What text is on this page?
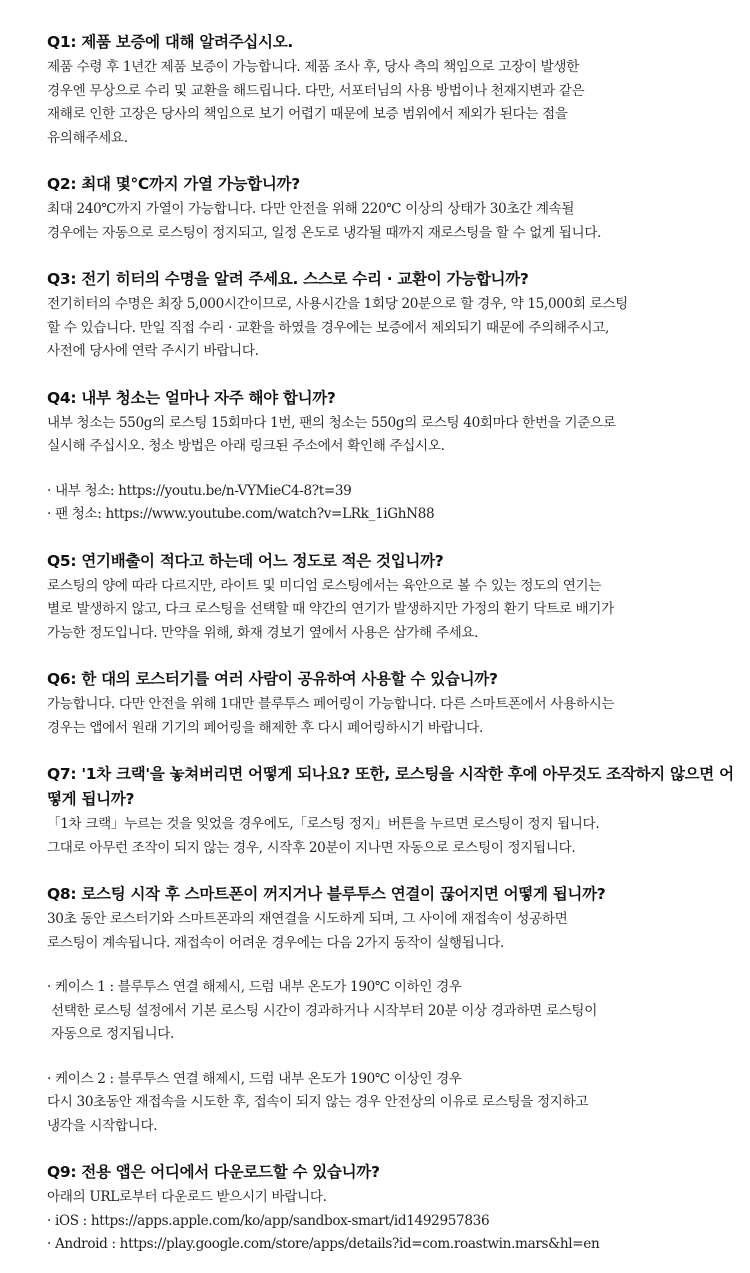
Q1: 제품 보증에 대해 알려주십시오.

제품 수령 후 1년간 제품 보증이 가능합니다. 제품 조사 후, 당사 측의 책임으로 고장이 발생한

경우엔 무상으로 수리 및 교환을 해드립니다. 다만, 서포터님의 사용 방법이나 천재지변과 같은

재해로 인한 고장은 당사의 책임으로 보기 어렵기 때문에 보증 범위에서 제외가 된다는 점을

유의해주세요.

Q2: 최대 몇℃까지 가열 가능합니까?

최대 240℃까지 가열이 가능합니다. 다만 안전을 위해 220℃ 이상의 상태가 30초간 계속될

경우에는 자동으로 로스팅이 정지되고, 일정 온도로 냉각될 때까지 재로스팅을 할 수 없게 됩니다.

Q3: 전기 히터의 수명을 알려 주세요. 스스로 수리 · 교환이 가능합니까?

전기히터의 수명은 최장 5,000시간이므로, 사용시간을 1회당 20분으로 할 경우, 약 15,000회 로스팅

할 수 있습니다. 만일 직접 수리 · 교환을 하였을 경우에는 보증에서 제외되기 때문에 주의해주시고,

사전에 당사에 연락 주시기 바랍니다.

Q4: 내부 청소는 얼마나 자주 해야 합니까?

내부 청소는 550g의 로스팅 15회마다 1번, 팬의 청소는 550g의 로스팅 40회마다 한번을 기준으로

실시해 주십시오. 청소 방법은 아래 링크된 주소에서 확인해 주십시오.

· 내부 청소: https://youtu.be/n-VYMieC4-8?t=39

· 팬 청소: https://www.youtube.com/watch?v=LRk_1iGhN88

Q5: 연기배출이 적다고 하는데 어느 정도로 적은 것입니까?

로스팅의 양에 따라 다르지만, 라이트 및 미디엄 로스팅에서는 육안으로 볼 수 있는 정도의 연기는

별로 발생하지 않고, 다크 로스팅을 선택할 때 약간의 연기가 발생하지만 가정의 환기 닥트로 배기가

가능한 정도입니다. 만약을 위해, 화재 경보기 옆에서 사용은 삼가해 주세요.

Q6: 한 대의 로스터기를 여러 사람이 공유하여 사용할 수 있습니까?

가능합니다. 다만 안전을 위해 1대만 블루투스 페어링이 가능합니다. 다른 스마트폰에서 사용하시는

경우는 앱에서 원래 기기의 페어링을 해제한 후 다시 페어링하시기 바랍니다.

Q7: '1차 크랙'을 놓쳐버리면 어떻게 되나요? 또한, 로스팅을 시작한 후에 아무것도 조작하지 않으면 어떻게 됩니까?

「1차 크랙」누르는 것을 잊었을 경우에도,「로스팅 정지」버튼을 누르면 로스팅이 정지 됩니다.

그대로 아무런 조작이 되지 않는 경우, 시작후 20분이 지나면 자동으로 로스팅이 정지됩니다.

Q8: 로스팅 시작 후 스마트폰이 꺼지거나 블루투스 연결이 끊어지면 어떻게 됩니까?

30초 동안 로스터기와 스마트폰과의 재연결을 시도하게 되며, 그 사이에 재접속이 성공하면

로스팅이 계속됩니다. 재접속이 어려운 경우에는 다음 2가지 동작이 실행됩니다.

· 케이스 1 : 블루투스 연결 해제시, 드럼 내부 온도가 190℃ 이하인 경우

선택한 로스팅 설정에서 기본 로스팅 시간이 경과하거나 시작부터 20분 이상 경과하면 로스팅이

자동으로 정지됩니다.

· 케이스 2 : 블루투스 연결 해제시, 드럼 내부 온도가 190℃ 이상인 경우

다시 30초동안 재접속을 시도한 후, 접속이 되지 않는 경우 안전상의 이유로 로스팅을 정지하고

냉각을 시작합니다.

Q9: 전용 앱은 어디에서 다운로드할 수 있습니까?

아래의 URL로부터 다운로드 받으시기 바랍니다.

· iOS : https://apps.apple.com/ko/app/sandbox-smart/id1492957836

· Android : https://play.google.com/store/apps/details?id=com.roastwin.mars&hl=en
